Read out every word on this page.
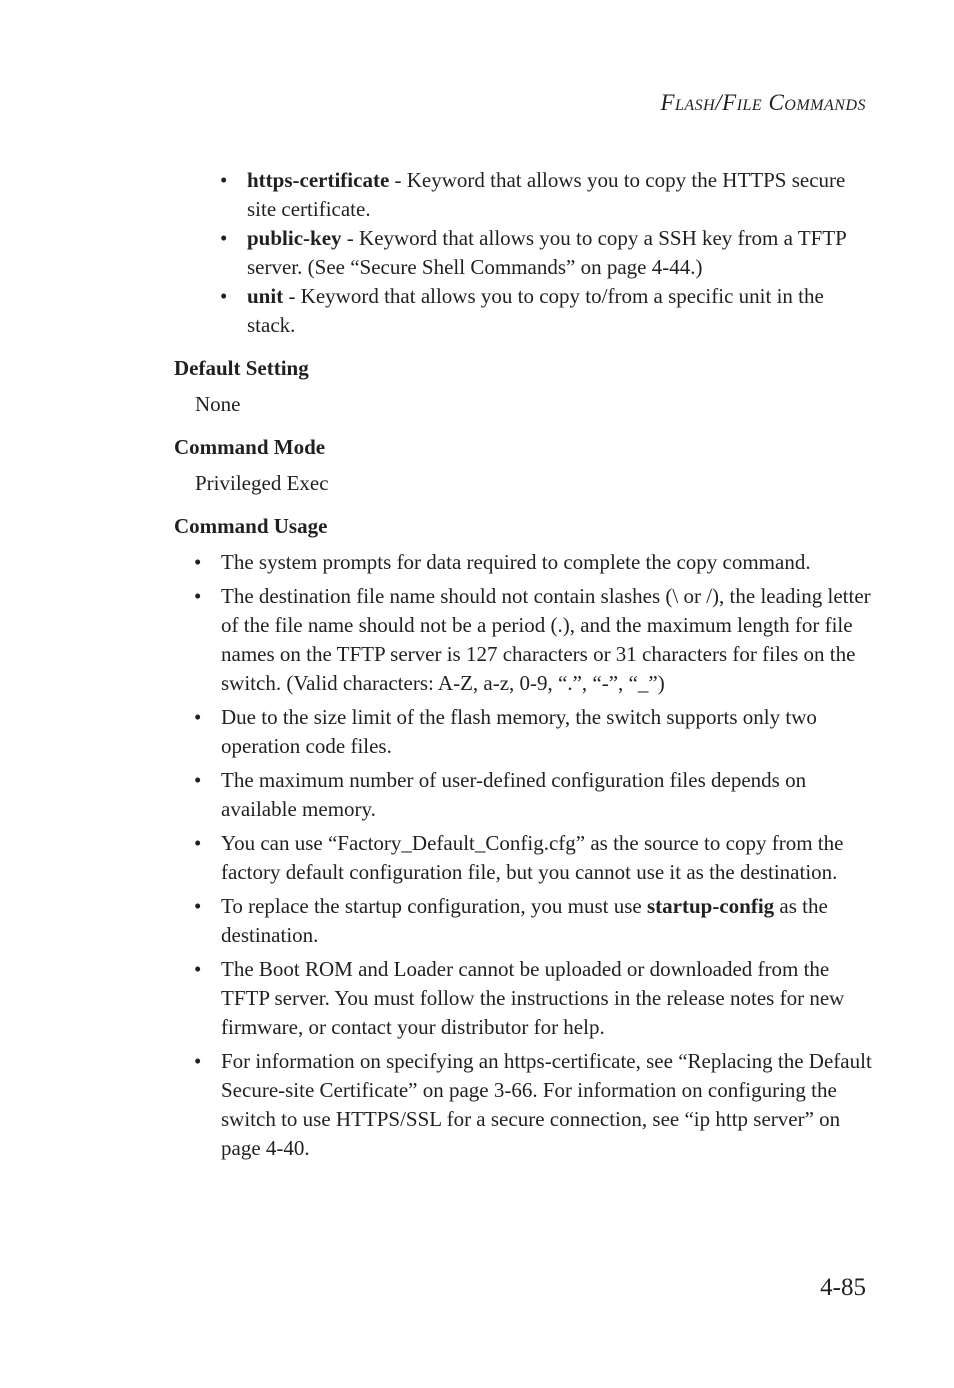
FLASH/FILE COMMANDS
• https-certificate - Keyword that allows you to copy the HTTPS secure site certificate.
• public-key - Keyword that allows you to copy a SSH key from a TFTP server. (See “Secure Shell Commands” on page 4-44.)
• unit - Keyword that allows you to copy to/from a specific unit in the stack.
Default Setting
None
Command Mode
Privileged Exec
Command Usage
• The system prompts for data required to complete the copy command.
• The destination file name should not contain slashes (\ or /), the leading letter of the file name should not be a period (.), and the maximum length for file names on the TFTP server is 127 characters or 31 characters for files on the switch. (Valid characters: A-Z, a-z, 0-9, “.”, “-”, “_”)
• Due to the size limit of the flash memory, the switch supports only two operation code files.
• The maximum number of user-defined configuration files depends on available memory.
• You can use “Factory_Default_Config.cfg” as the source to copy from the factory default configuration file, but you cannot use it as the destination.
• To replace the startup configuration, you must use startup-config as the destination.
• The Boot ROM and Loader cannot be uploaded or downloaded from the TFTP server. You must follow the instructions in the release notes for new firmware, or contact your distributor for help.
• For information on specifying an https-certificate, see “Replacing the Default Secure-site Certificate” on page 3-66. For information on configuring the switch to use HTTPS/SSL for a secure connection, see “ip http server” on page 4-40.
4-85
